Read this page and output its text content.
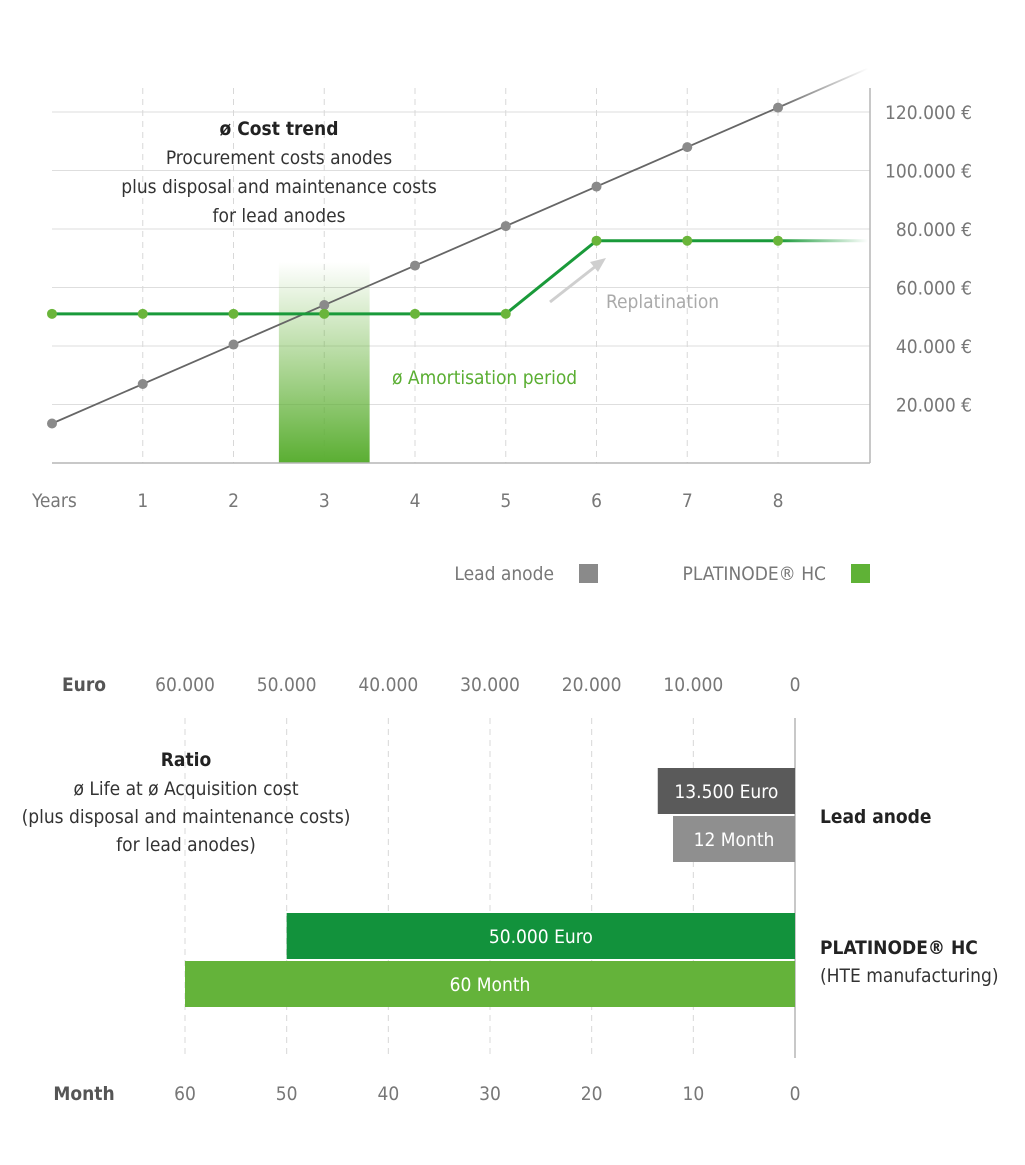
20.000 €
40.000 €
60.000 €
80.000 €
100.000 €
120.000 €
Years	1	2	3	4	5	6	7	8
ø Cost trend
Procurement costs anodes
plus disposal and maintenance costs
for lead anodes
ø Amortisation period
Replatination
Lead anode	PLATINODE® HC
Euro	60.000 50.000 40.000 30.000 20.000 10.000	0
Month	60	50	40	30	20	10	0
Ratio
ø Life at ø Acquisition cost
(plus disposal and maintenance costs)
for lead anodes)
13.500 Euro
12 Month
50.000 Euro
60 Month
Lead anode
PLATINODE® HC
(HTE manufacturing)
